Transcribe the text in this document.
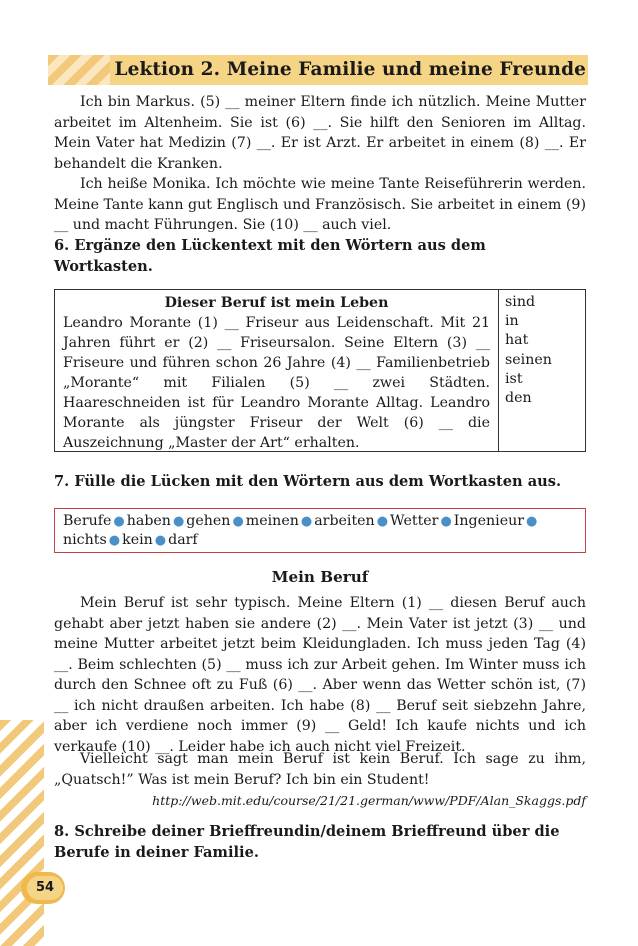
Lektion 2. Meine Familie und meine Freunde

Ich bin Markus. (5) __ meiner Eltern finde ich nützlich. Meine Mutter arbeitet im Altenheim. Sie ist (6) __. Sie hilft den Senioren im Alltag. Mein Vater hat Medizin (7) __. Er ist Arzt. Er arbeitet in einem (8) __. Er behandelt die Kranken.

Ich heiße Monika. Ich möchte wie meine Tante Reiseführerin werden. Meine Tante kann gut Englisch und Französisch. Sie arbeitet in einem (9) __ und macht Führungen. Sie (10) __ auch viel.

6. Ergänze den Lückentext mit den Wörtern aus dem Wortkasten.

Dieser Beruf ist mein Leben

Leandro Morante (1) __ Friseur aus Leidenschaft. Mit 21 Jahren führt er (2) __ Friseursalon. Seine Eltern (3) __ Friseure und führen schon 26 Jahre (4) __ Familienbetrieb „Morante“ mit Filialen (5) __ zwei Städten. Haareschneiden ist für Leandro Morante Alltag. Leandro Morante als jüngster Friseur der Welt (6) __ die Auszeichnung „Master der Art“ erhalten.

sind
in
hat
seinen
ist
den

7. Fülle die Lücken mit den Wörtern aus dem Wortkasten aus.

Berufe ● haben ● gehen ● meinen ● arbeiten ● Wetter ● Ingenieur ●
nichts ● kein ● darf
Mein Beruf

Mein Beruf ist sehr typisch. Meine Eltern (1) __ diesen Beruf auch gehabt aber jetzt haben sie andere (2) __. Mein Vater ist jetzt (3) __ und meine Mutter arbeitet jetzt beim Kleidungladen. Ich muss jeden Tag (4) __. Beim schlechten (5) __ muss ich zur Arbeit gehen. Im Winter muss ich durch den Schnee oft zu Fuß (6) __. Aber wenn das Wetter schön ist, (7) __ ich nicht draußen arbeiten. Ich habe (8) __ Beruf seit siebzehn Jahre, aber ich verdiene noch immer (9) __ Geld! Ich kaufe nichts und ich verkaufe (10) __. Leider habe ich auch nicht viel Freizeit.

Vielleicht sagt man mein Beruf ist kein Beruf. Ich sage zu ihm, „Quatsch!” Was ist mein Beruf? Ich bin ein Student!

http://web.mit.edu/course/21/21.german/www/PDF/Alan_Skaggs.pdf

8. Schreibe deiner Brieffreundin/deinem Brieffreund über die Berufe in deiner Familie.

54
